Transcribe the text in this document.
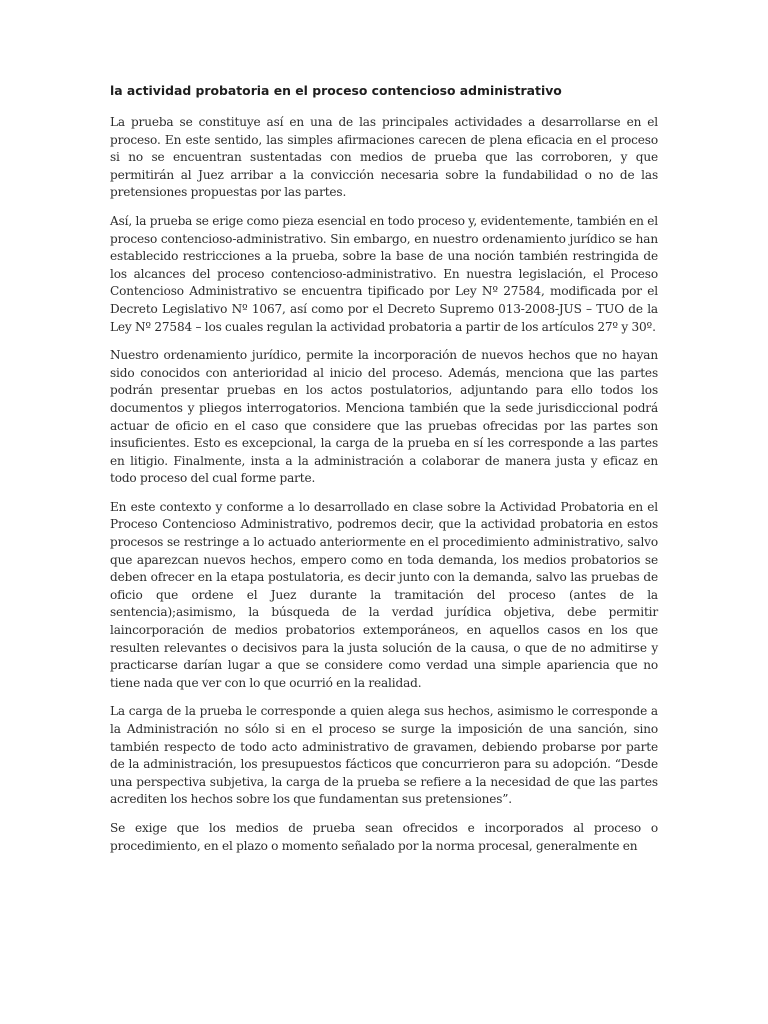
la actividad probatoria en el proceso contencioso administrativo

La prueba se constituye así en una de las principales actividades a desarrollarse en el proceso. En este sentido, las simples afirmaciones carecen de plena eficacia en el proceso si no se encuentran sustentadas con medios de prueba que las corroboren, y que permitirán al Juez arribar a la convicción necesaria sobre la fundabilidad o no de las pretensiones propuestas por las partes.

Así, la prueba se erige como pieza esencial en todo proceso y, evidentemente, también en el proceso contencioso-administrativo. Sin embargo, en nuestro ordenamiento jurídico se han establecido restricciones a la prueba, sobre la base de una noción también restringida de los alcances del proceso contencioso-administrativo. En nuestra legislación, el Proceso Contencioso Administrativo se encuentra tipificado por Ley Nº 27584, modificada por el Decreto Legislativo Nº 1067, así como por el Decreto Supremo 013-2008-JUS – TUO de la Ley Nº 27584 – los cuales regulan la actividad probatoria a partir de los artículos 27º y 30º.

Nuestro ordenamiento jurídico, permite la incorporación de nuevos hechos que no hayan sido conocidos con anterioridad al inicio del proceso. Además, menciona que las partes podrán presentar pruebas en los actos postulatorios, adjuntando para ello todos los documentos y pliegos interrogatorios. Menciona también que la sede jurisdiccional podrá actuar de oficio en el caso que considere que las pruebas ofrecidas por las partes son insuficientes. Esto es excepcional, la carga de la prueba en sí les corresponde a las partes en litigio. Finalmente, insta a la administración a colaborar de manera justa y eficaz en todo proceso del cual forme parte.

En este contexto y conforme a lo desarrollado en clase sobre la Actividad Probatoria en el Proceso Contencioso Administrativo, podremos decir, que la actividad probatoria en estos procesos se restringe a lo actuado anteriormente en el procedimiento administrativo, salvo que aparezcan nuevos hechos, empero como en toda demanda, los medios probatorios se deben ofrecer en la etapa postulatoria, es decir junto con la demanda, salvo las pruebas de oficio que ordene el Juez durante la tramitación del proceso (antes de la sentencia);asimismo, la búsqueda de la verdad jurídica objetiva, debe permitir laincorporación de medios probatorios extemporáneos, en aquellos casos en los que resulten relevantes o decisivos para la justa solución de la causa, o que de no admitirse y practicarse darían lugar a que se considere como verdad una simple apariencia que no tiene nada que ver con lo que ocurrió en la realidad.

La carga de la prueba le corresponde a quien alega sus hechos, asimismo le corresponde a la Administración no sólo si en el proceso se surge la imposición de una sanción, sino también respecto de todo acto administrativo de gravamen, debiendo probarse por parte de la administración, los presupuestos fácticos que concurrieron para su adopción. “Desde una perspectiva subjetiva, la carga de la prueba se refiere a la necesidad de que las partes acrediten los hechos sobre los que fundamentan sus pretensiones”.

Se exige que los medios de prueba sean ofrecidos e incorporados al proceso o procedimiento, en el plazo o momento señalado por la norma procesal, generalmente en
